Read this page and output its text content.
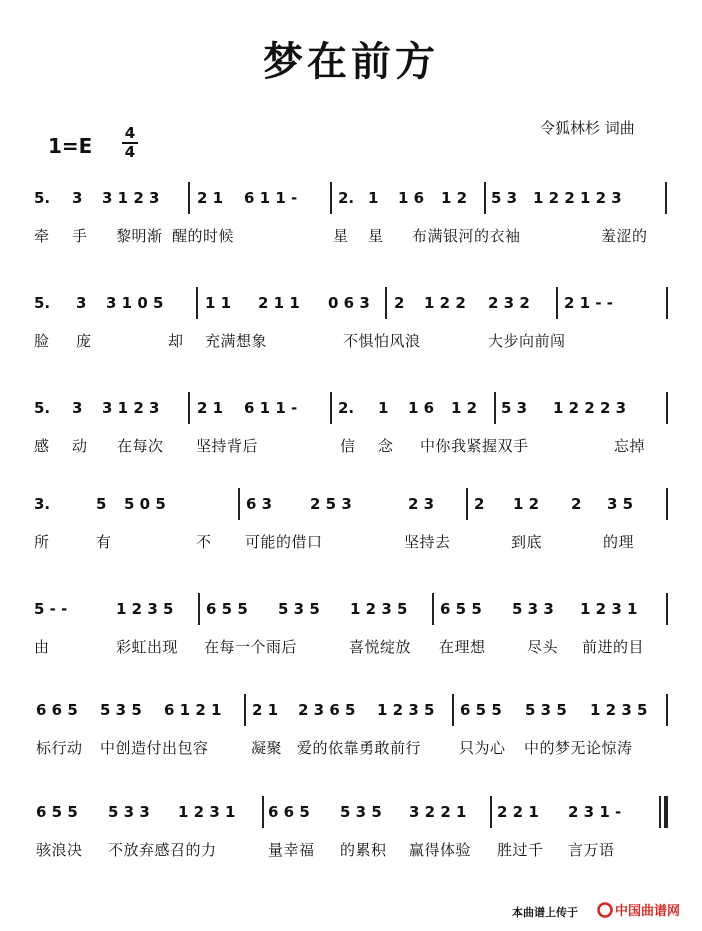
梦在前方
令狐林杉 词曲
1=E
4
4
5. 3 3 1 2 3	2 1 6 1 1 -	2. 1 1 6 1 2 5 3 1 2 2 1 2 3
牵 手 黎明渐 醒的时候	星 星 布满银河的衣袖	羞涩的
5. 3 3 1 0 5	1 1 2 1 1 0 6 3 2 1 2 2 2 3 2 2 1 - -
脸 庞	却 充满想象	不惧怕风浪	大步向前闯
5. 3 3 1 2 3	2 1 6 1 1 -	2. 1 1 6 1 2 5 3 1 2 2 2 3
感 动 在每次 坚持背后	信 念 中你我紧握双手	忘掉
3.	5 5 0 5	6 3	2 5 3	2 3	2 1 2 2 3 5
所	有	不 可能的借口	坚持去	到底	的理
5 - -	1 2 3 5 6 5 5 5 3 5 1 2 3 5 6 5 5 5 3 3 1 2 3 1
由	彩虹出现 在每一个雨后	喜悦绽放 在理想	尽头 前进的目
6 6 5 5 3 5 6 1 2 1 2 1 2 3 6 5 1 2 3 5 6 5 5 5 3 5 1 2 3 5
标行动 中创造付出包容	凝聚 爱的依靠勇敢前行	只为心 中的梦无论惊涛
6 5 5 5 3 3 1 2 3 1 6 6 5 5 3 5 3 2 2 1 2 2 1 2 3 1 -
骇浪决 不放弃感召的力	量幸福 的累积 赢得体验 胜过千 言万语
本曲谱上传于	中国曲谱网
